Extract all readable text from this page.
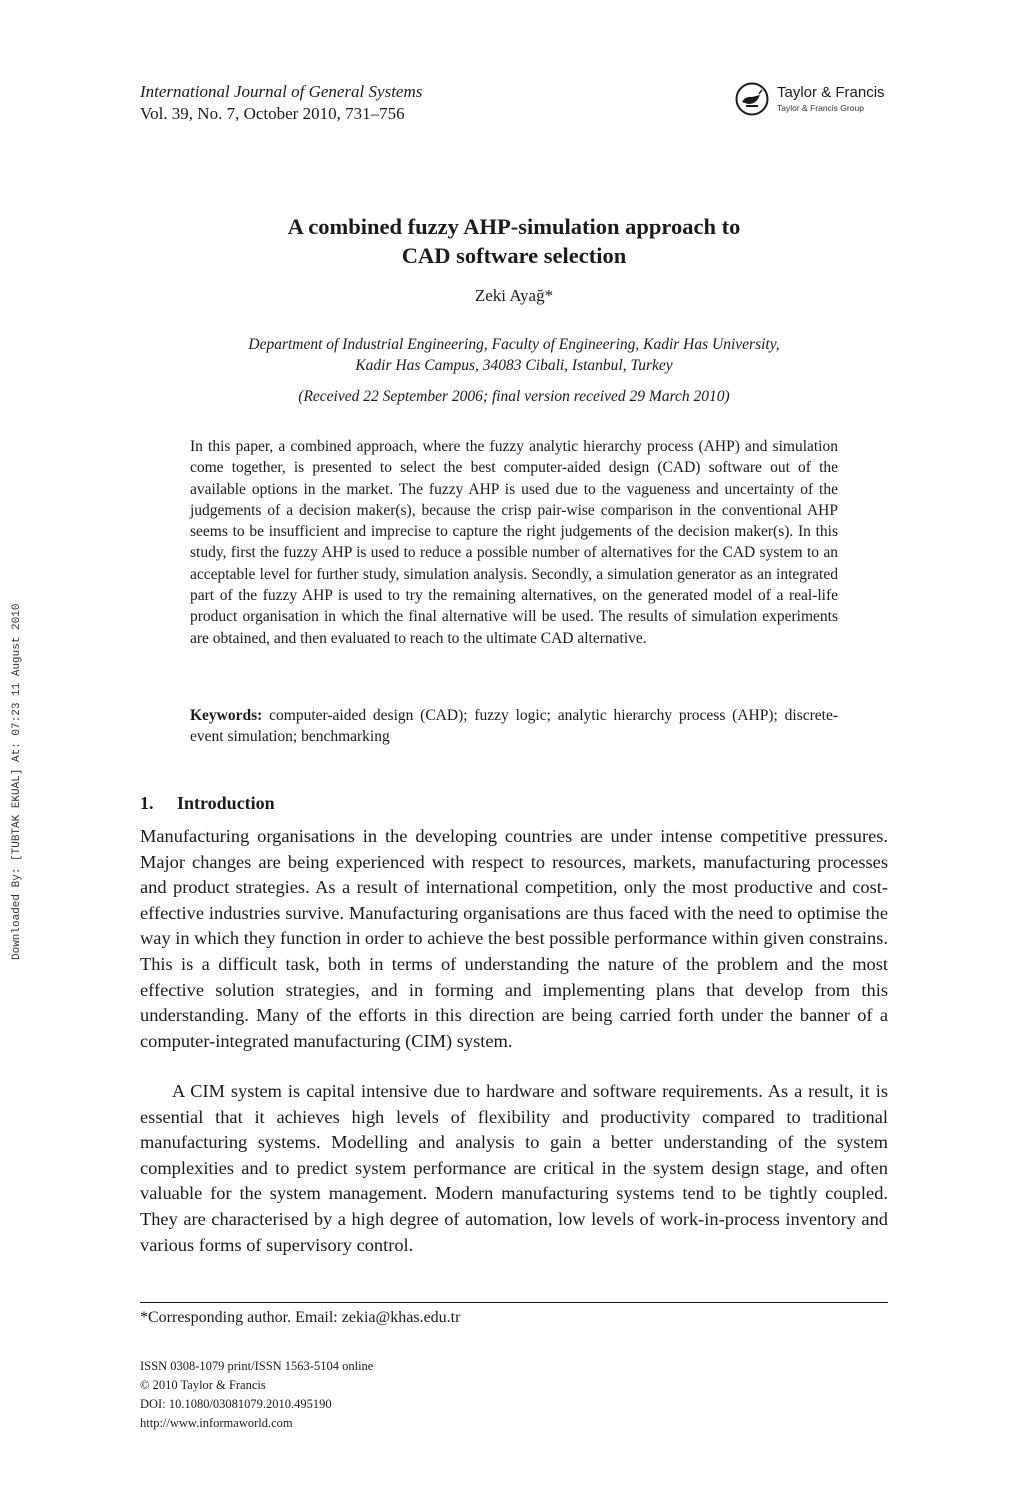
International Journal of General Systems
Vol. 39, No. 7, October 2010, 731–756
Taylor & Francis
Taylor & Francis Group
A combined fuzzy AHP-simulation approach to
CAD software selection
Zeki Ayağ*
Department of Industrial Engineering, Faculty of Engineering, Kadir Has University,
Kadir Has Campus, 34083 Cibali, Istanbul, Turkey
(Received 22 September 2006; final version received 29 March 2010)
In this paper, a combined approach, where the fuzzy analytic hierarchy process (AHP) and simulation come together, is presented to select the best computer-aided design (CAD) software out of the available options in the market. The fuzzy AHP is used due to the vagueness and uncertainty of the judgements of a decision maker(s), because the crisp pair-wise comparison in the conventional AHP seems to be insufficient and imprecise to capture the right judgements of the decision maker(s). In this study, first the fuzzy AHP is used to reduce a possible number of alternatives for the CAD system to an acceptable level for further study, simulation analysis. Secondly, a simulation generator as an integrated part of the fuzzy AHP is used to try the remaining alternatives, on the generated model of a real-life product organisation in which the final alternative will be used. The results of simulation experiments are obtained, and then evaluated to reach to the ultimate CAD alternative.
Keywords: computer-aided design (CAD); fuzzy logic; analytic hierarchy process (AHP); discrete-event simulation; benchmarking
Downloaded By: [TUBTAK EKUAL] At: 07:23 11 August 2010	1. Introduction
Manufacturing organisations in the developing countries are under intense competitive pressures. Major changes are being experienced with respect to resources, markets, manufacturing processes and product strategies. As a result of international competition, only the most productive and cost-effective industries survive. Manufacturing organisations are thus faced with the need to optimise the way in which they function in order to achieve the best possible performance within given constrains. This is a difficult task, both in terms of understanding the nature of the problem and the most effective solution strategies, and in forming and implementing plans that develop from this understanding. Many of the efforts in this direction are being carried forth under the banner of a computer-integrated manufacturing (CIM) system.
A CIM system is capital intensive due to hardware and software requirements. As a result, it is essential that it achieves high levels of flexibility and productivity compared to traditional manufacturing systems. Modelling and analysis to gain a better understanding of the system complexities and to predict system performance are critical in the system design stage, and often valuable for the system management. Modern manufacturing systems tend to be tightly coupled. They are characterised by a high degree of automation, low levels of work-in-process inventory and various forms of supervisory control.
*Corresponding author. Email: zekia@khas.edu.tr
ISSN 0308-1079 print/ISSN 1563-5104 online
© 2010 Taylor & Francis
DOI: 10.1080/03081079.2010.495190
http://www.informaworld.com
